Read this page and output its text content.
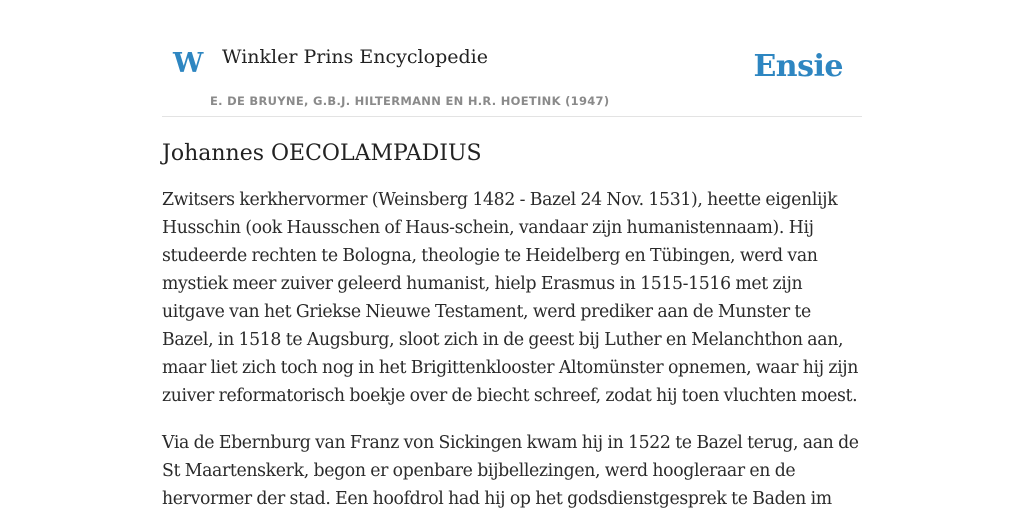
W Winkler Prins Encyclopedie
E. DE BRUYNE, G.B.J. HILTERMANN EN H.R. HOETINK (1947)
Ensie
Johannes OECOLAMPADIUS

Zwitsers kerkhervormer (Weinsberg 1482 - Bazel 24 Nov. 1531), heette eigenlijk Husschin (ook Hausschen of Haus-schein, vandaar zijn humanistennaam). Hij studeerde rechten te Bologna, theologie te Heidelberg en Tübingen, werd van mystiek meer zuiver geleerd humanist, hielp Erasmus in 1515-1516 met zijn uitgave van het Griekse Nieuwe Testament, werd prediker aan de Munster te Bazel, in 1518 te Augsburg, sloot zich in de geest bij Luther en Melanchthon aan, maar liet zich toch nog in het Brigittenklooster Altomünster opnemen, waar hij zijn zuiver reformatorisch boekje over de biecht schreef, zodat hij toen vluchten moest.

Via de Ebernburg van Franz von Sickingen kwam hij in 1522 te Bazel terug, aan de St Maartenskerk, begon er openbare bijbellezingen, werd hoogleraar en de hervormer der stad. Een hoofdrol had hij op het godsdienstgesprek te Baden im
